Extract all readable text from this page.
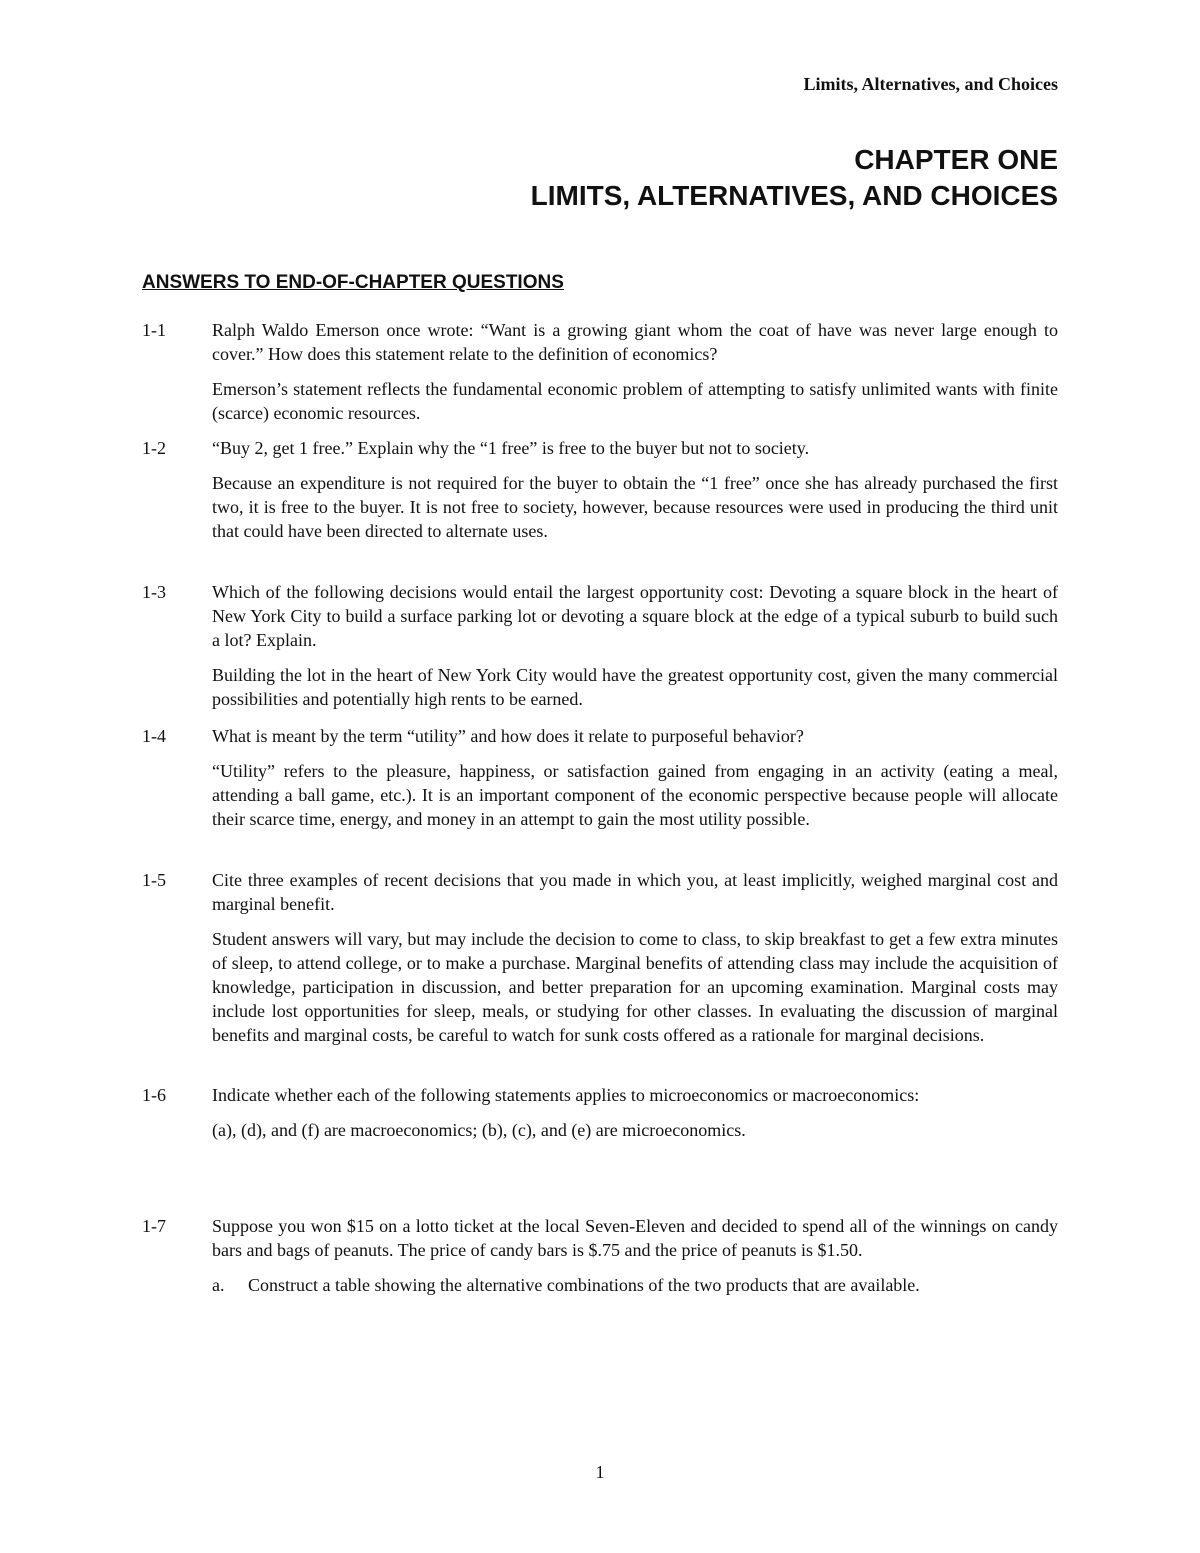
Limits, Alternatives, and Choices
CHAPTER ONE
LIMITS, ALTERNATIVES, AND CHOICES
ANSWERS TO END-OF-CHAPTER QUESTIONS
1-1	Ralph Waldo Emerson once wrote: “Want is a growing giant whom the coat of have was never large enough to cover.” How does this statement relate to the definition of economics?

Emerson’s statement reflects the fundamental economic problem of attempting to satisfy unlimited wants with finite (scarce) economic resources.

1-2	“Buy 2, get 1 free.” Explain why the “1 free” is free to the buyer but not to society.

Because an expenditure is not required for the buyer to obtain the “1 free” once she has already purchased the first two, it is free to the buyer. It is not free to society, however, because resources were used in producing the third unit that could have been directed to alternate uses.

1-3	Which of the following decisions would entail the largest opportunity cost: Devoting a square block in the heart of New York City to build a surface parking lot or devoting a square block at the edge of a typical suburb to build such a lot? Explain.

Building the lot in the heart of New York City would have the greatest opportunity cost, given the many commercial possibilities and potentially high rents to be earned.

1-4	What is meant by the term “utility” and how does it relate to purposeful behavior?

“Utility” refers to the pleasure, happiness, or satisfaction gained from engaging in an activity (eating a meal, attending a ball game, etc.). It is an important component of the economic perspective because people will allocate their scarce time, energy, and money in an attempt to gain the most utility possible.

1-5	Cite three examples of recent decisions that you made in which you, at least implicitly, weighed marginal cost and marginal benefit.

Student answers will vary, but may include the decision to come to class, to skip breakfast to get a few extra minutes of sleep, to attend college, or to make a purchase. Marginal benefits of attending class may include the acquisition of knowledge, participation in discussion, and better preparation for an upcoming examination. Marginal costs may include lost opportunities for sleep, meals, or studying for other classes. In evaluating the discussion of marginal benefits and marginal costs, be careful to watch for sunk costs offered as a rationale for marginal decisions.

1-6	Indicate whether each of the following statements applies to microeconomics or macroeconomics:

(a), (d), and (f) are macroeconomics; (b), (c), and (e) are microeconomics.

1-7	Suppose you won $15 on a lotto ticket at the local Seven-Eleven and decided to spend all of the winnings on candy bars and bags of peanuts. The price of candy bars is $.75 and the price of peanuts is $1.50.

a.	Construct a table showing the alternative combinations of the two products that are available.
1
